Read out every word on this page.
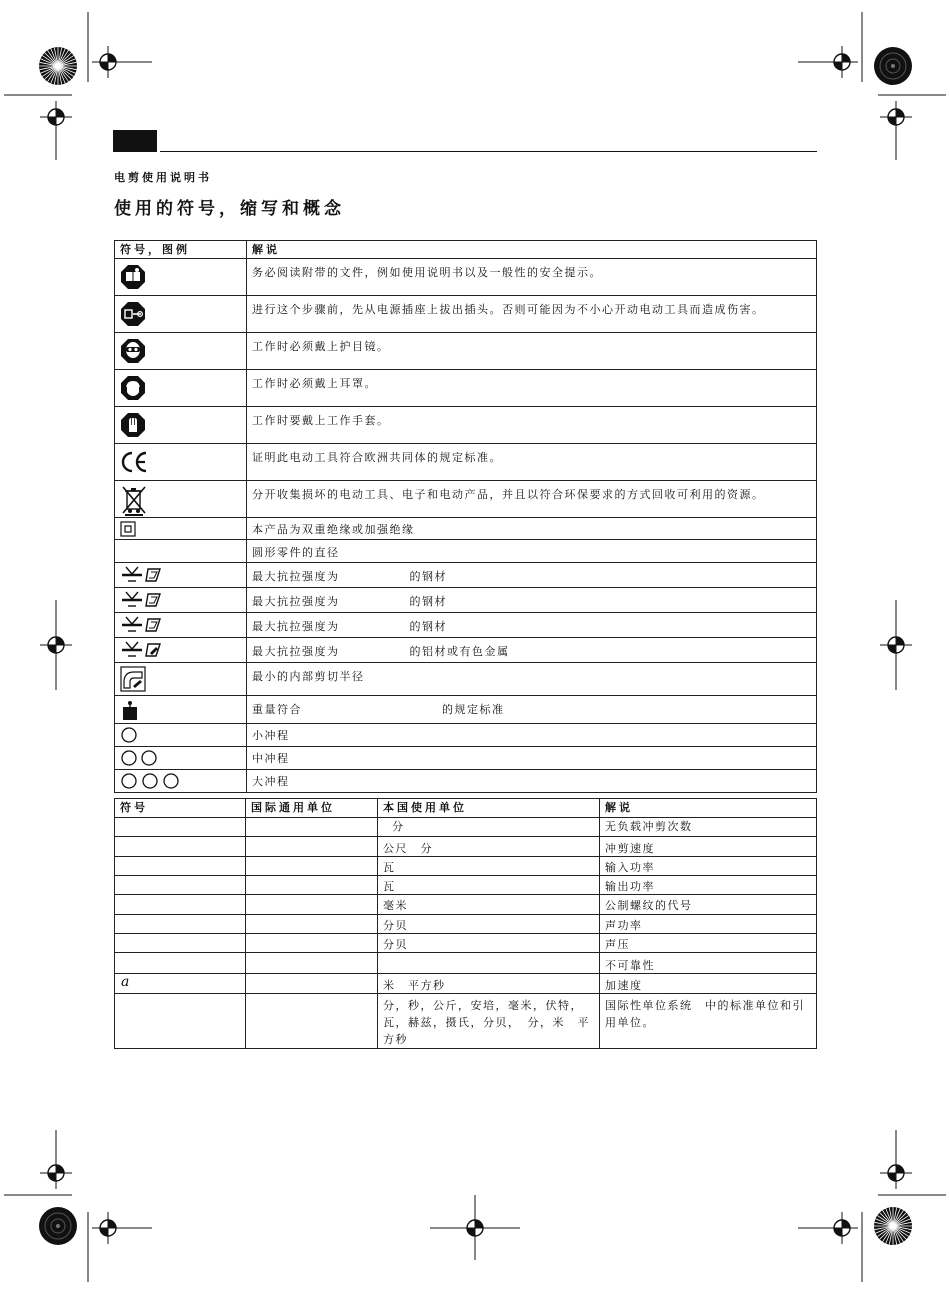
电剪使用说明书
使用的符号，缩写和概念
符号，图例	解说
	务必阅读附带的文件，例如使用说明书以及一般性的安全提示。
	进行这个步骤前，先从电源插座上拔出插头。否则可能因为不小心开动电动工具而造成伤害。
	工作时必须戴上护目镜。
	工作时必须戴上耳罩。
	工作时要戴上工作手套。
	证明此电动工具符合欧洲共同体的规定标准。
	分开收集损坏的电动工具、电子和电动产品，并且以符合环保要求的方式回收可利用的资源。
	本产品为双重绝缘或加强绝缘
	圆形零件的直径
	最大抗拉强度为 的钢材
	最大抗拉强度为 的钢材
	最大抗拉强度为 的钢材
	最大抗拉强度为 的铝材或有色金属
	最小的内部剪切半径
	重量符合 的规定标准
	小冲程
	中冲程
	大冲程
符号	国际通用单位	本国使用单位	解说
		分	无负载冲剪次数
		公尺　分	冲剪速度
		瓦	输入功率
		瓦	输出功率
		毫米	公制螺纹的代号
		分贝	声功率
		分贝	声压
			不可靠性
a		米　平方秒	加速度
		分，秒，公斤，安培，毫米，伏特，瓦，赫兹，摄氏，分贝，　分，米　平方秒	国际性单位系统　中的标准单位和引用单位。
